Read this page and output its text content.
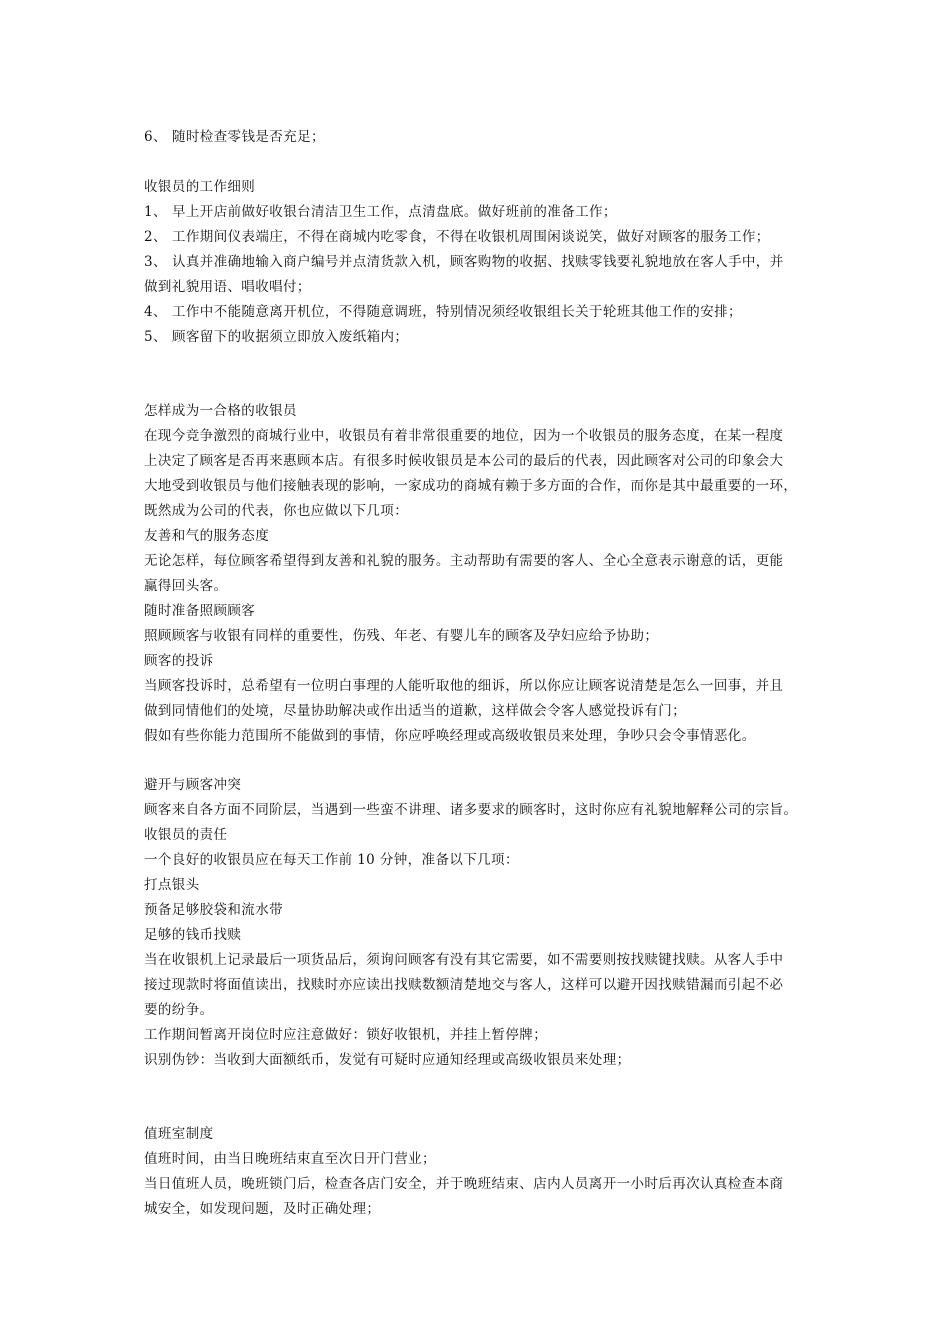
6、 随时检查零钱是否充足；
收银员的工作细则
1、 早上开店前做好收银台清洁卫生工作，点清盘底。做好班前的准备工作；
2、 工作期间仪表端庄，不得在商城内吃零食，不得在收银机周围闲谈说笑，做好对顾客的服务工作；
3、 认真并准确地输入商户编号并点清货款入机，顾客购物的收据、找赎零钱要礼貌地放在客人手中，并
做到礼貌用语、唱收唱付；
4、 工作中不能随意离开机位，不得随意调班，特别情况须经收银组长关于轮班其他工作的安排；
5、 顾客留下的收据须立即放入废纸箱内；
怎样成为一合格的收银员
在现今竞争激烈的商城行业中，收银员有着非常很重要的地位，因为一个收银员的服务态度，在某一程度
上决定了顾客是否再来惠顾本店。有很多时候收银员是本公司的最后的代表，因此顾客对公司的印象会大
大地受到收银员与他们接触表现的影响，一家成功的商城有赖于多方面的合作，而你是其中最重要的一环，
既然成为公司的代表，你也应做以下几项：
友善和气的服务态度
无论怎样，每位顾客希望得到友善和礼貌的服务。主动帮助有需要的客人、全心全意表示谢意的话，更能
赢得回头客。
随时准备照顾顾客
照顾顾客与收银有同样的重要性，伤残、年老、有婴儿车的顾客及孕妇应给予协助；
顾客的投诉
当顾客投诉时，总希望有一位明白事理的人能听取他的细诉，所以你应让顾客说清楚是怎么一回事，并且
做到同情他们的处境，尽量协助解决或作出适当的道歉，这样做会令客人感觉投诉有门；
假如有些你能力范围所不能做到的事情，你应呼唤经理或高级收银员来处理，争吵只会令事情恶化。
避开与顾客冲突
顾客来自各方面不同阶层，当遇到一些蛮不讲理、诸多要求的顾客时，这时你应有礼貌地解释公司的宗旨。
收银员的责任
一个良好的收银员应在每天工作前 10 分钟，准备以下几项：
打点银头
预备足够胶袋和流水带
足够的钱币找赎
当在收银机上记录最后一项货品后，须询问顾客有没有其它需要，如不需要则按找赎键找赎。从客人手中
接过现款时将面值读出，找赎时亦应读出找赎数额清楚地交与客人，这样可以避开因找赎错漏而引起不必
要的纷争。
工作期间暂离开岗位时应注意做好：锁好收银机，并挂上暂停牌；
识别伪钞：当收到大面额纸币，发觉有可疑时应通知经理或高级收银员来处理；
值班室制度
值班时间，由当日晚班结束直至次日开门营业；
当日值班人员，晚班锁门后，检查各店门安全，并于晚班结束、店内人员离开一小时后再次认真检查本商
城安全，如发现问题，及时正确处理；
